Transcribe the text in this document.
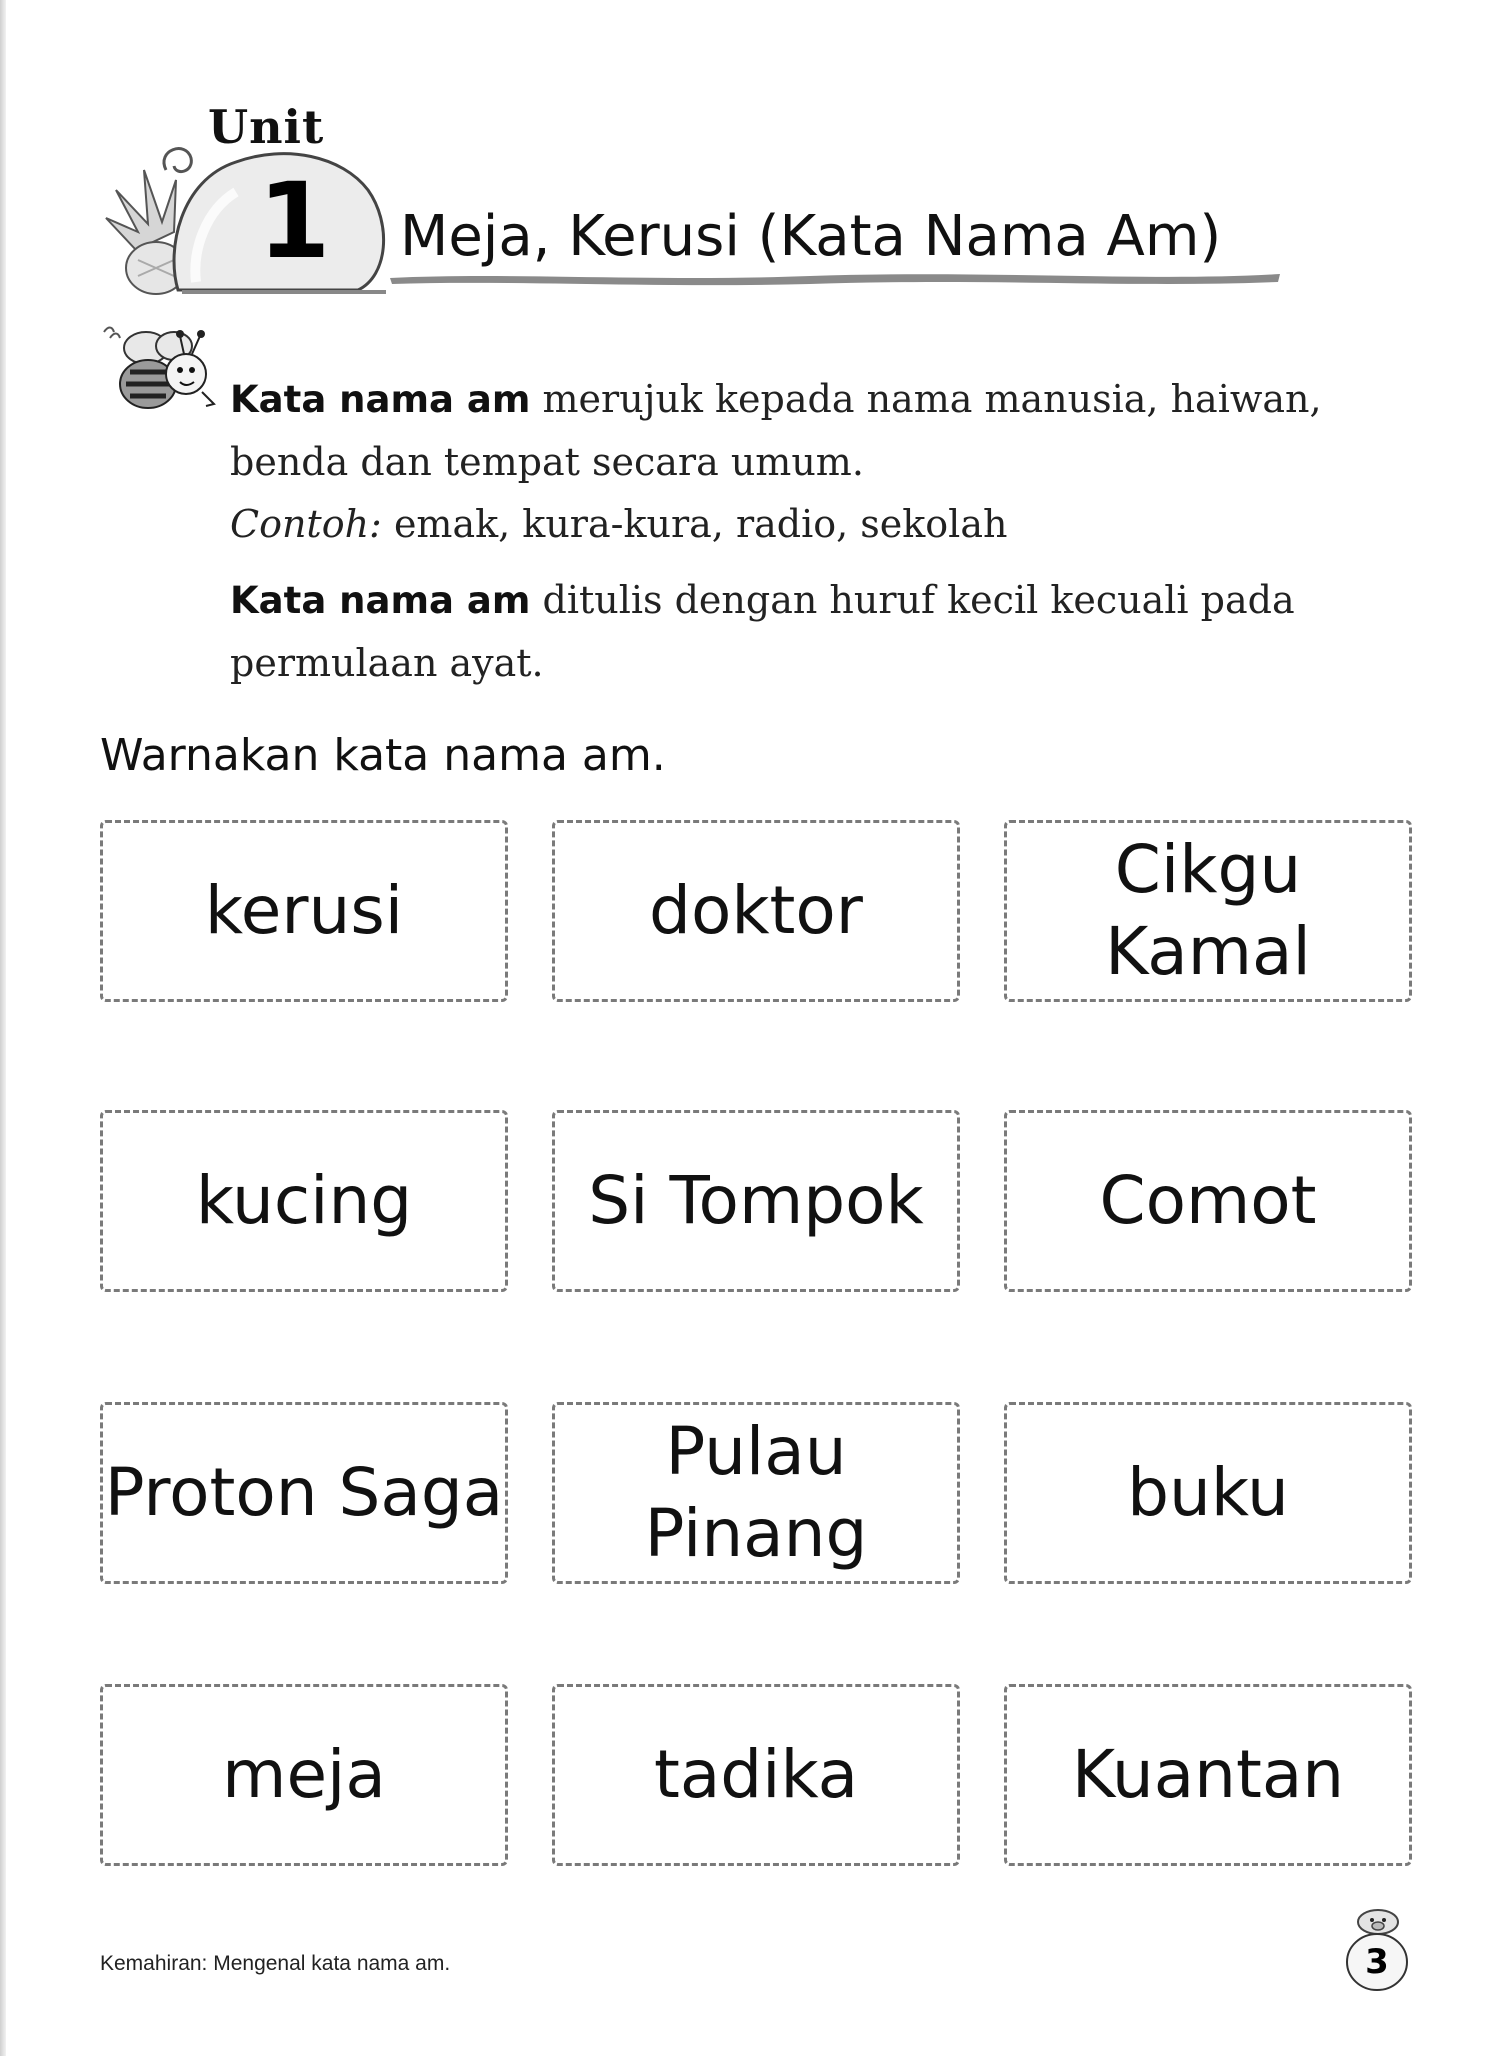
Unit
1 Meja, Kerusi (Kata Nama Am)

Kata nama am merujuk kepada nama manusia, haiwan,

benda dan tempat secara umum.

Contoh: emak, kura-kura, radio, sekolah

Kata nama am ditulis dengan huruf kecil kecuali pada

permulaan ayat.

Warnakan kata nama am.
kerusi	doktor
Cikgu
Kamal
kucing	Si Tompok	Comot
Proton Saga
Pulau
Pinang
buku
meja	tadika	Kuantan
Kemahiran: Mengenal kata nama am.	3
